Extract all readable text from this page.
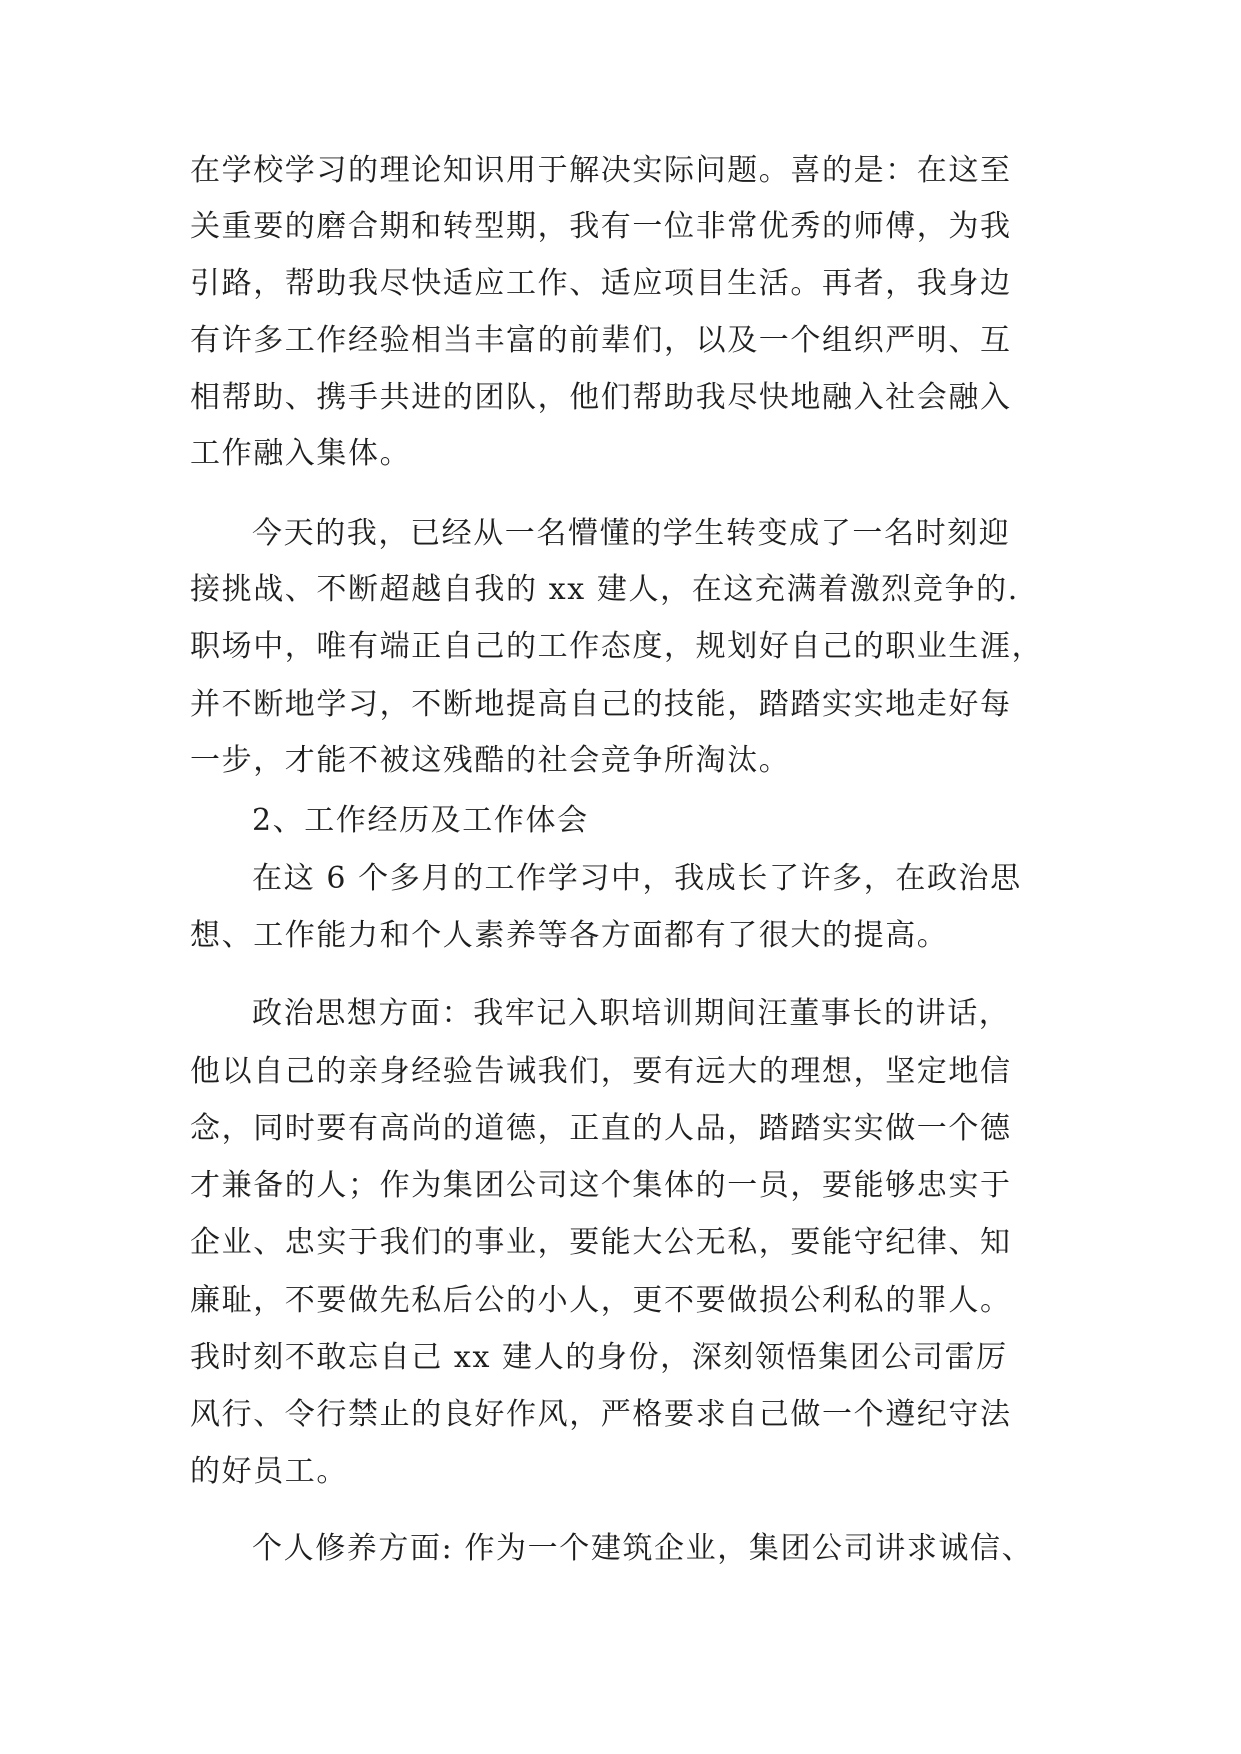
在学校学习的理论知识用于解决实际问题。喜的是：在这至
关重要的磨合期和转型期，我有一位非常优秀的师傅，为我
引路，帮助我尽快适应工作、适应项目生活。再者，我身边
有许多工作经验相当丰富的前辈们，以及一个组织严明、互
相帮助、携手共进的团队，他们帮助我尽快地融入社会融入
工作融入集体。
今天的我，已经从一名懵懂的学生转变成了一名时刻迎
接挑战、不断超越自我的 xx 建人，在这充满着激烈竞争的.
职场中，唯有端正自己的工作态度，规划好自己的职业生涯，
并不断地学习，不断地提高自己的技能，踏踏实实地走好每
一步，才能不被这残酷的社会竞争所淘汰。
2、工作经历及工作体会
在这 6 个多月的工作学习中，我成长了许多，在政治思
想、工作能力和个人素养等各方面都有了很大的提高。
政治思想方面：我牢记入职培训期间汪董事长的讲话，
他以自己的亲身经验告诫我们，要有远大的理想，坚定地信
念，同时要有高尚的道德，正直的人品，踏踏实实做一个德
才兼备的人；作为集团公司这个集体的一员，要能够忠实于
企业、忠实于我们的事业，要能大公无私，要能守纪律、知
廉耻，不要做先私后公的小人，更不要做损公利私的罪人。
我时刻不敢忘自己 xx 建人的身份，深刻领悟集团公司雷厉
风行、令行禁止的良好作风，严格要求自己做一个遵纪守法
的好员工。
个人修养方面: 作为一个建筑企业，集团公司讲求诚信、
